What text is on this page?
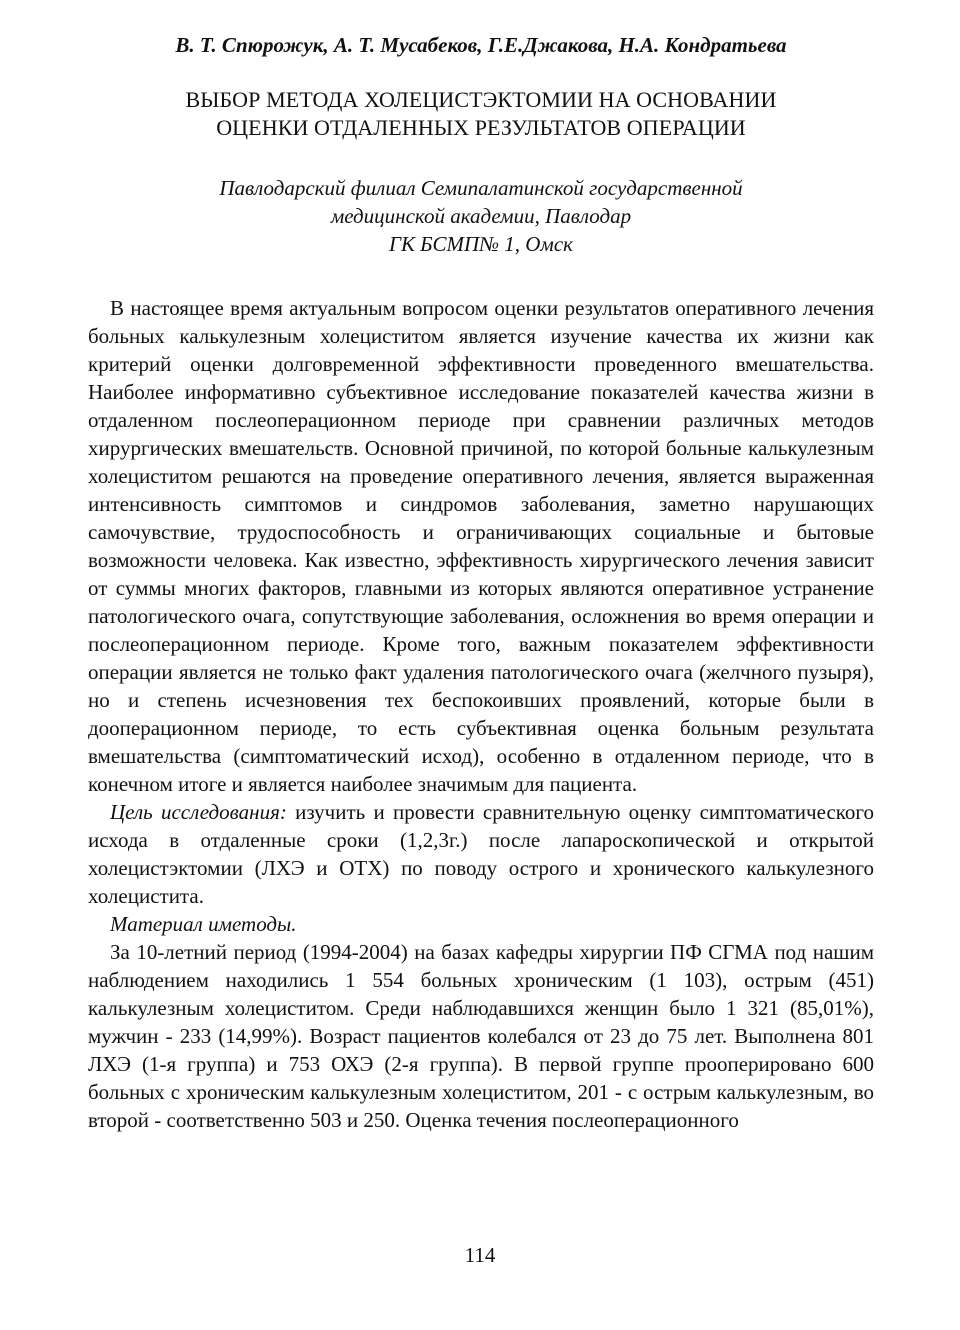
В. Т. Спюрожук, А. Т. Мусабеков, Г.Е.Джакова, Н.А. Кондратьева

ВЫБОР МЕТОДА ХОЛЕЦИСТЭКТОМИИ НА ОСНОВАНИИ
ОЦЕНКИ ОТДАЛЕННЫХ РЕЗУЛЬТАТОВ ОПЕРАЦИИ
Павлодарский филиал Семипалатинской государственной
медицинской академии, Павлодар
ГК БСМП№ 1, Омск

В настоящее время актуальным вопросом оценки результатов оперативного лечения больных калькулезным холециститом является изучение качества их жизни как критерий оценки долговременной эффективности проведенного вмешательства. Наиболее информативно субъективное исследование показателей качества жизни в отдаленном послеоперационном периоде при сравнении различных методов хирургических вмешательств. Основной причиной, по которой больные калькулезным холециститом решаются на проведение оперативного лечения, является выраженная интенсивность симптомов и синдромов заболевания, заметно нарушающих самочувствие, трудоспособность и ограничивающих социальные и бытовые возможности человека. Как известно, эффективность хирургического лечения зависит от суммы многих факторов, главными из которых являются оперативное устранение патологического очага, сопутствующие заболевания, осложнения во время операции и послеоперационном периоде. Кроме того, важным показателем эффективности операции является не только факт удаления патологического очага (желчного пузыря), но и степень исчезновения тех беспокоивших проявлений, которые были в дооперационном периоде, то есть субъективная оценка больным результата вмешательства (симптоматический исход), особенно в отдаленном периоде, что в конечном итоге и является наиболее значимым для пациента.

Цель исследования: изучить и провести сравнительную оценку симптоматического исхода в отдаленные сроки (1,2,3г.) после лапароскопической и открытой холецистэктомии (ЛХЭ и ОТХ) по поводу острого и хронического калькулезного холецистита.

Материал иметоды.

За 10-летний период (1994-2004) на базах кафедры хирургии ПФ СГМА под нашим наблюдением находились 1 554 больных хроническим (1 103), острым (451) калькулезным холециститом. Среди наблюдавшихся женщин было 1 321 (85,01%), мужчин - 233 (14,99%). Возраст пациентов колебался от 23 до 75 лет. Выполнена 801 ЛХЭ (1-я группа) и 753 ОХЭ (2-я группа). В первой группе прооперировано 600 больных с хроническим калькулезным холециститом, 201 - с острым калькулезным, во второй - соответственно 503 и 250. Оценка течения послеоперационного

114
